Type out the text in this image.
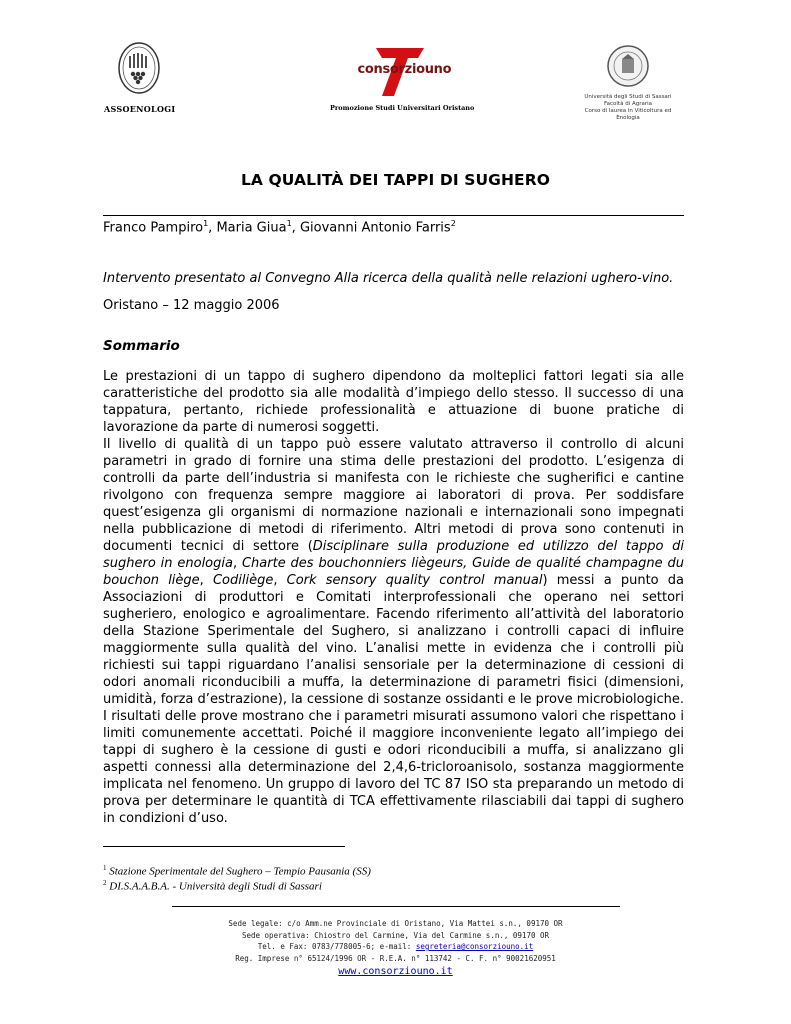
ASSOENOLOGI
consorziouno
Promozione Studi Universitari Oristano
Università degli Studi di Sassari
Facoltà di Agraria
Corso di laurea in Viticoltura ed Enologia
LA QUALITÀ DEI TAPPI DI SUGHERO
Franco Pampiro$^1$, Maria Giua$^1$, Giovanni Antonio Farris$^2$
Intervento presentato al Convegno Alla ricerca della qualità nelle relazioni ughero-vino.
Oristano – 12 maggio 2006
Sommario

Le prestazioni di un tappo di sughero dipendono da molteplici fattori legati sia alle caratteristiche del prodotto sia alle modalità d’impiego dello stesso. Il successo di una tappatura, pertanto, richiede professionalità e attuazione di buone pratiche di lavorazione da parte di numerosi soggetti.

Il livello di qualità di un tappo può essere valutato attraverso il controllo di alcuni parametri in grado di fornire una stima delle prestazioni del prodotto. L’esigenza di controlli da parte dell’industria si manifesta con le richieste che sugherifici e cantine rivolgono con frequenza sempre maggiore ai laboratori di prova. Per soddisfare quest’esigenza gli organismi di normazione nazionali e internazionali sono impegnati nella pubblicazione di metodi di riferimento. Altri metodi di prova sono contenuti in documenti tecnici di settore (Disciplinare sulla produzione ed utilizzo del tappo di sughero in enologia, Charte des bouchonniers liègeurs, Guide de qualité champagne du bouchon liège, Codiliège, Cork sensory quality control manual) messi a punto da Associazioni di produttori e Comitati interprofessionali che operano nei settori sugheriero, enologico e agroalimentare. Facendo riferimento all’attività del laboratorio della Stazione Sperimentale del Sughero, si analizzano i controlli capaci di influire maggiormente sulla qualità del vino. L’analisi mette in evidenza che i controlli più richiesti sui tappi riguardano l’analisi sensoriale per la determinazione di cessioni di odori anomali riconducibili a muffa, la determinazione di parametri fisici (dimensioni, umidità, forza d’estrazione), la cessione di sostanze ossidanti e le prove microbiologiche. I risultati delle prove mostrano che i parametri misurati assumono valori che rispettano i limiti comunemente accettati. Poiché il maggiore inconveniente legato all’impiego dei tappi di sughero è la cessione di gusti e odori riconducibili a muffa, si analizzano gli aspetti connessi alla determinazione del 2,4,6-tricloroanisolo, sostanza maggiormente implicata nel fenomeno. Un gruppo di lavoro del TC 87 ISO sta preparando un metodo di prova per determinare le quantità di TCA effettivamente rilasciabili dai tappi di sughero in condizioni d’uso.

$^1$ Stazione Sperimentale del Sughero – Tempio Pausania (SS)
$^2$ DI.S.A.A.B.A. - Università degli Studi di Sassari
Sede legale: c/o Amm.ne Provinciale di Oristano, Via Mattei s.n., 09170 OR
Sede operativa: Chiostro del Carmine, Via del Carmine s.n., 09170 OR
Tel. e Fax: 0783/778005-6; e-mail: segreteria@consorziouno.it
Reg. Imprese n° 65124/1996 OR - R.E.A. n° 113742 - C. F. n° 90021620951
www.consorziouno.it
